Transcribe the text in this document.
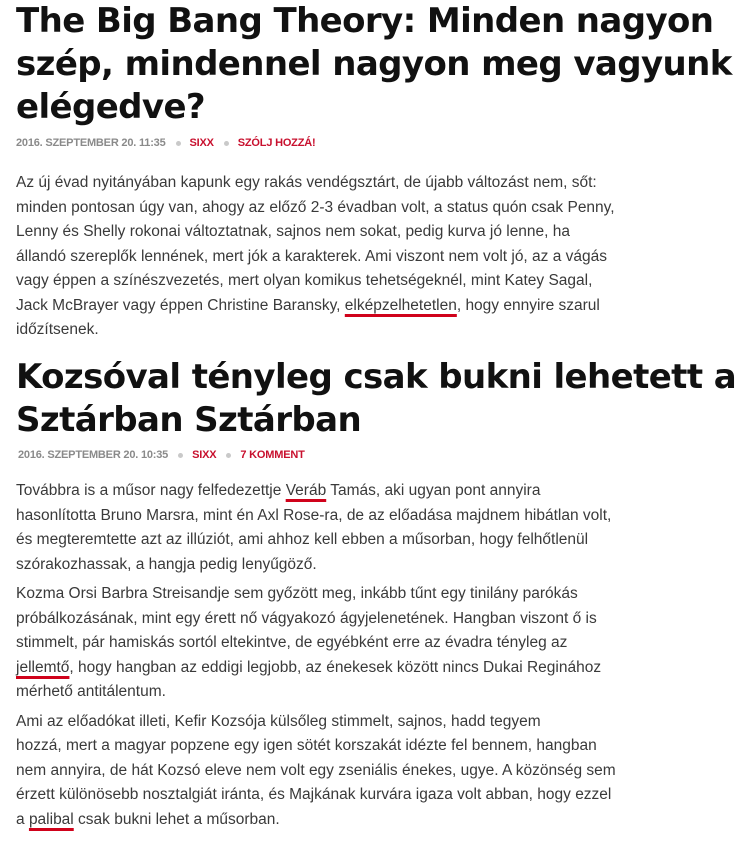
The Big Bang Theory: Minden nagyon
szép, mindennel nagyon meg vagyunk
elégedve?
2016. SZEPTEMBER 20. 11:35 SIXX SZÓLJ HOZZÁ!

Az új évad nyitányában kapunk egy rakás vendégsztárt, de újabb változást nem, sőt:
minden pontosan úgy van, ahogy az előző 2-3 évadban volt, a status quón csak Penny,
Lenny és Shelly rokonai változtatnak, sajnos nem sokat, pedig kurva jó lenne, ha
állandó szereplők lennének, mert jók a karakterek. Ami viszont nem volt jó, az a vágás
vagy éppen a színészvezetés, mert olyan komikus tehetségeknél, mint Katey Sagal,
Jack McBrayer vagy éppen Christine Baransky, elképzelhetetlen, hogy ennyire szarul
időzítsenek.

Kozsóval tényleg csak bukni lehetett a
Sztárban Sztárban
2016. SZEPTEMBER 20. 10:35 SIXX 7 KOMMENT

Továbbra is a műsor nagy felfedezettje Veráb Tamás, aki ugyan pont annyira
hasonlította Bruno Marsra, mint én Axl Rose-ra, de az előadása majdnem hibátlan volt,
és megteremtette azt az illúziót, ami ahhoz kell ebben a műsorban, hogy felhőtlenül
szórakozhassak, a hangja pedig lenyűgöző.

Kozma Orsi Barbra Streisandje sem győzött meg, inkább tűnt egy tinilány parókás
próbálkozásának, mint egy érett nő vágyakozó ágyjelenetének. Hangban viszont ő is
stimmelt, pár hamiskás sortól eltekintve, de egyébként erre az évadra tényleg az
jellemtő, hogy hangban az eddigi legjobb, az énekesek között nincs Dukai Reginához
mérhető antitálentum.

Ami az előadókat illeti, Kefir Kozsója külsőleg stimmelt, sajnos, hadd tegyem
hozzá, mert a magyar popzene egy igen sötét korszakát idézte fel bennem, hangban
nem annyira, de hát Kozsó eleve nem volt egy zseniális énekes, ugye. A közönség sem
érzett különösebb nosztalgiát iránta, és Majkának kurvára igaza volt abban, hogy ezzel
a palibal csak bukni lehet a műsorban.
